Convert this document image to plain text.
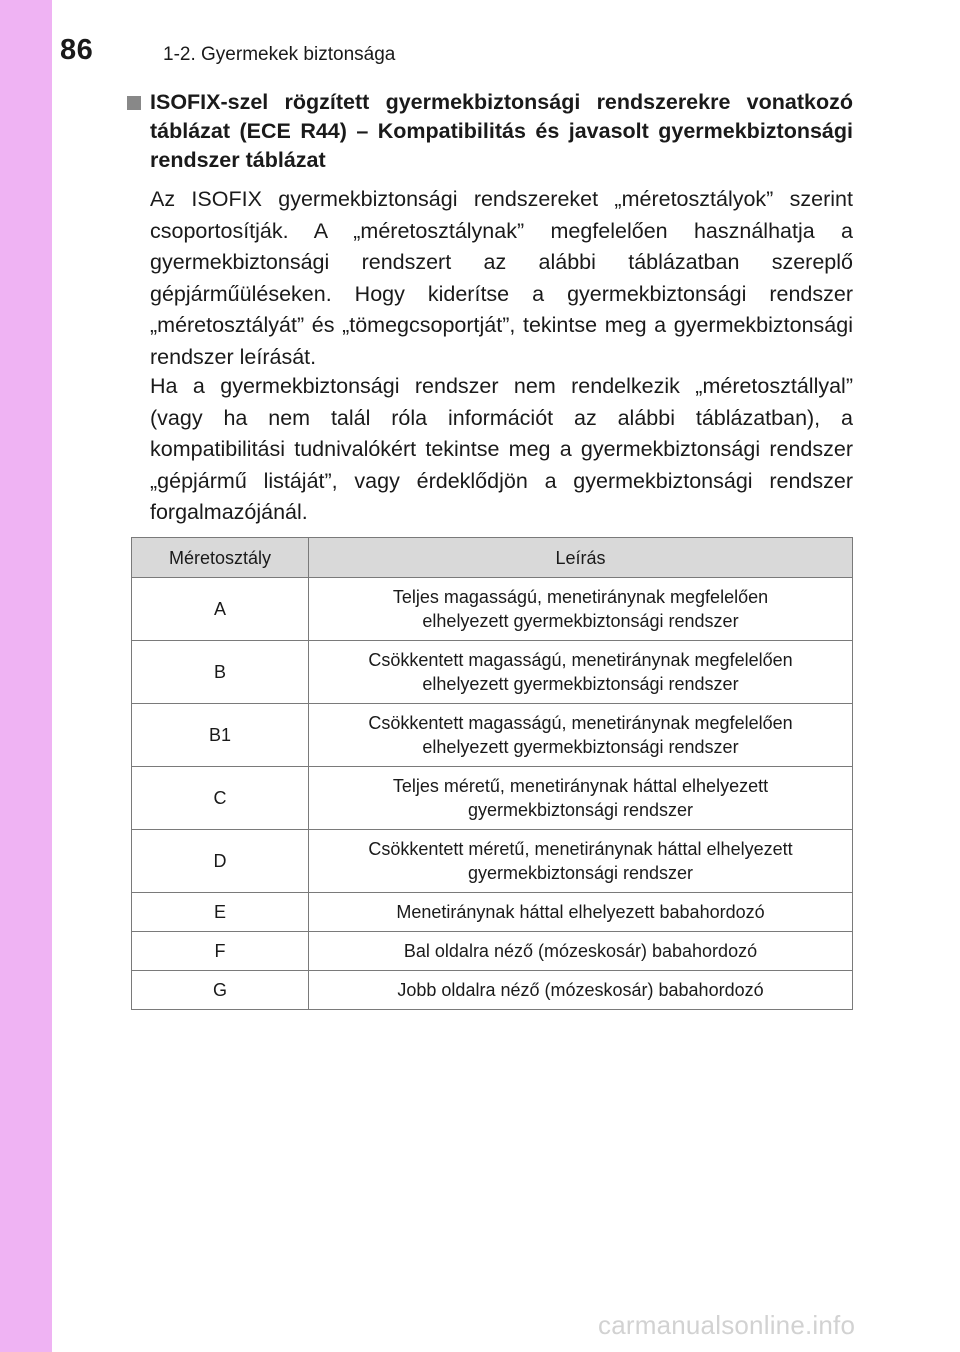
86	1-2. Gyermekek biztonsága

ISOFIX-szel rögzített gyermekbiztonsági rendszerekre vonatkozó táblázat (ECE R44) – Kompatibilitás és javasolt gyermekbiztonsági rendszer táblázat

Az ISOFIX gyermekbiztonsági rendszereket „méretosztályok” szerint csoportosítják. A „méretosztálynak” megfelelően használhatja a gyermekbiztonsági rendszert az alábbi táblázatban szereplő gépjárműüléseken. Hogy kiderítse a gyermekbiztonsági rendszer „méretosztályát” és „tömegcsoportját”, tekintse meg a gyermekbiztonsági rendszer leírását.

Ha a gyermekbiztonsági rendszer nem rendelkezik „méretosztállyal” (vagy ha nem talál róla információt az alábbi táblázatban), a kompatibilitási tudnivalókért tekintse meg a gyermekbiztonsági rendszer „gépjármű listáját”, vagy érdeklődjön a gyermekbiztonsági rendszer forgalmazójánál.

Méretosztály	Leírás
A	Teljes magasságú, menetiránynak megfelelően
elhelyezett gyermekbiztonsági rendszer
B	Csökkentett magasságú, menetiránynak megfelelően
elhelyezett gyermekbiztonsági rendszer
B1	Csökkentett magasságú, menetiránynak megfelelően
elhelyezett gyermekbiztonsági rendszer
C	Teljes méretű, menetiránynak háttal elhelyezett
gyermekbiztonsági rendszer
D	Csökkentett méretű, menetiránynak háttal elhelyezett
gyermekbiztonsági rendszer
E	Menetiránynak háttal elhelyezett babahordozó
F	Bal oldalra néző (mózeskosár) babahordozó
G	Jobb oldalra néző (mózeskosár) babahordozó
carmanualsonline.info
